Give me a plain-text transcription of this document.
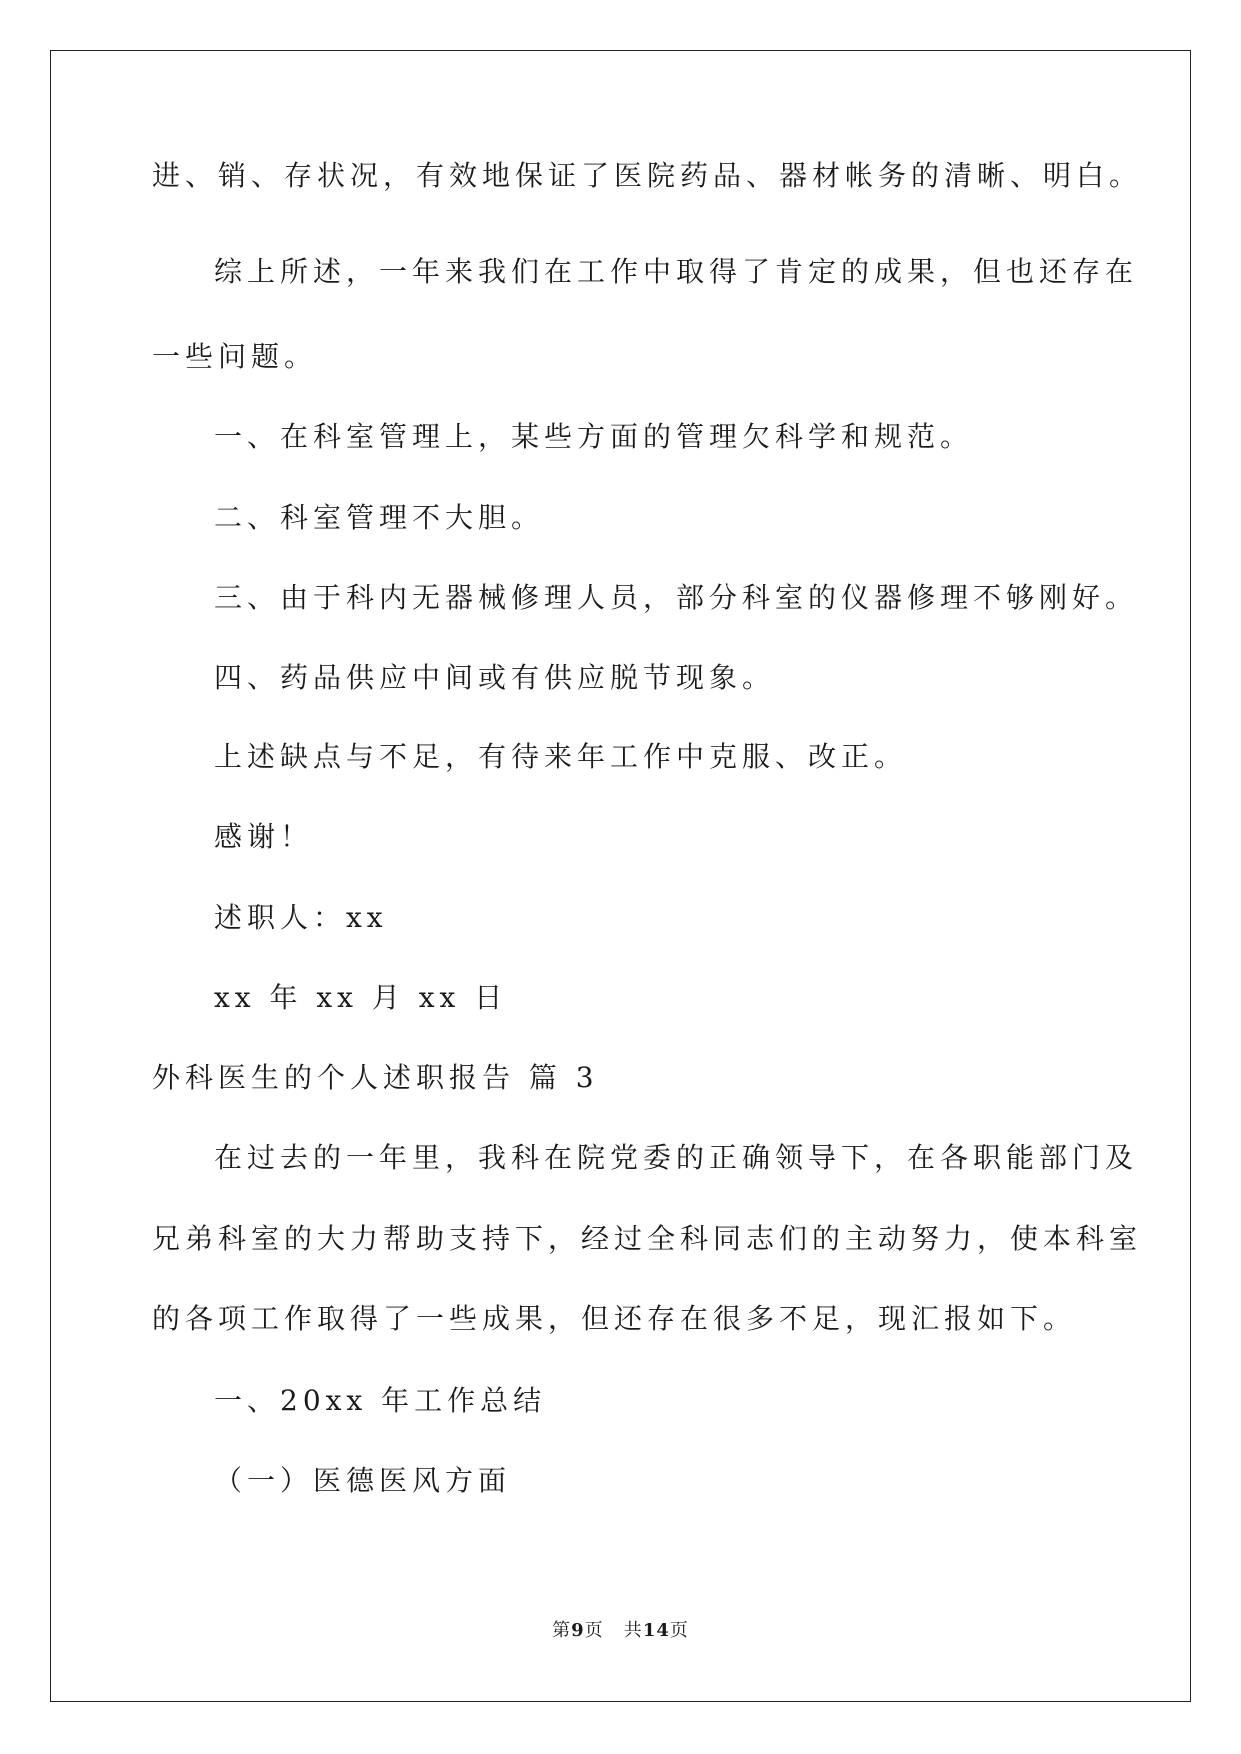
进、销、存状况，有效地保证了医院药品、器材帐务的清晰、明白。
综上所述，一年来我们在工作中取得了肯定的成果，但也还存在
一些问题。
一、在科室管理上，某些方面的管理欠科学和规范。
二、科室管理不大胆。
三、由于科内无器械修理人员，部分科室的仪器修理不够刚好。
四、药品供应中间或有供应脱节现象。
上述缺点与不足，有待来年工作中克服、改正。
感谢！
述职人：xx
xx 年 xx 月 xx 日
外科医生的个人述职报告 篇 3
在过去的一年里，我科在院党委的正确领导下，在各职能部门及
兄弟科室的大力帮助支持下，经过全科同志们的主动努力，使本科室
的各项工作取得了一些成果，但还存在很多不足，现汇报如下。
一、20xx 年工作总结
（一）医德医风方面
第9页   共14页
